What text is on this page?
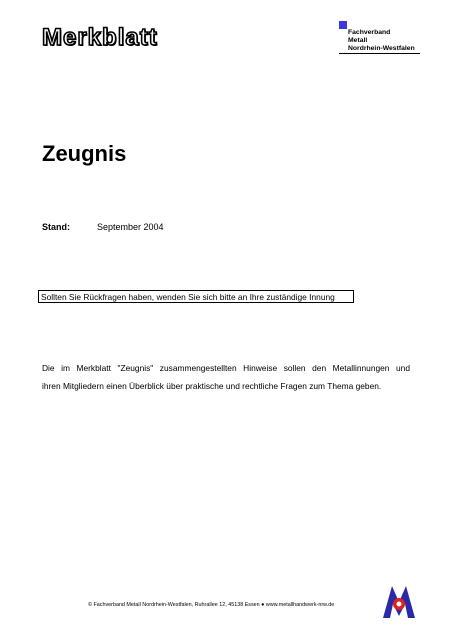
Merkblatt	Fachverband
Metall
Nordrhein-Westfalen
Zeugnis
Stand:	September 2004
Sollten Sie Rückfragen haben, wenden Sie sich bitte an Ihre zuständige Innung
Die im Merkblatt "Zeugnis" zusammengestellten Hinweise sollen den Metallinnungen und
ihren Mitgliedern einen Überblick über praktische und rechtliche Fragen zum Thema geben.
© Fachverband Metall Nordrhein-Westfalen, Ruhrallee 12, 45138 Essen ● www.metallhandwerk-nrw.de
